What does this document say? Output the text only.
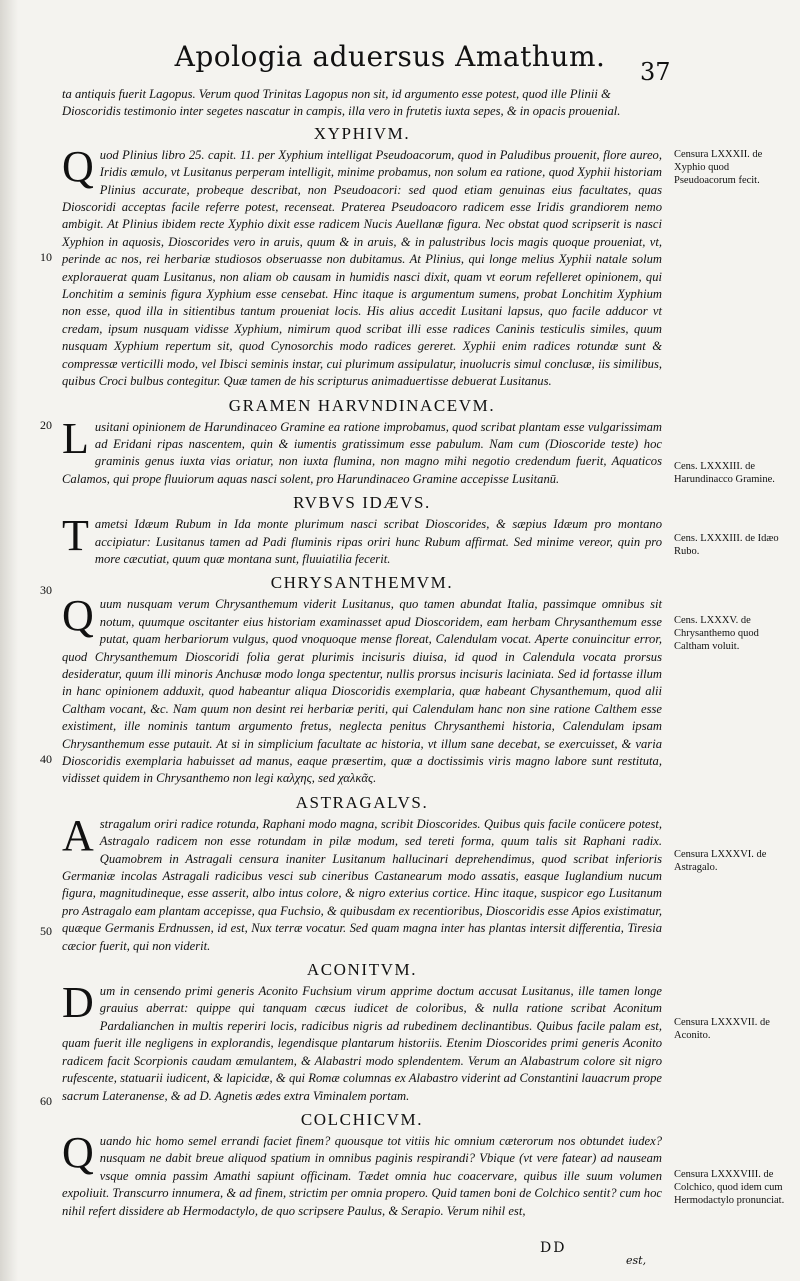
Apologia aduersus Amathum.	37

ta antiquis fuerit Lagopus. Verum quod Trinitas Lagopus non sit, id argumento esse potest, quod ille Plinii & Dioscoridis testimonio inter segetes nascatur in campis, illa vero in frutetis iuxta sepes, & in opacis prouenial.

XYPHIVM.

Quod Plinius libro 25. capit. 11. per Xyphium intelligat Pseudoacorum, quod in Paludibus prouenit, flore aureo, Iridis æmulo, vt Lusitanus perperam intelligit, minime probamus, non solum ea ratione, quod Xyphii historiam Plinius accurate, probeque describat, non Pseudoacori: sed quod etiam genuinas eius facultates, quas Dioscoridi acceptas facile referre potest, recenseat. Praterea Pseudoacoro radicem esse Iridis grandiorem nemo ambigit. At Plinius ibidem recte Xyphio dixit esse radicem Nucis Auellanæ figura. Nec obstat quod scripserit is nasci Xyphion in aquosis, Dioscorides vero in aruis, quum & in aruis, & in palustribus locis magis quoque proueniat, vt, perinde ac nos, rei herbariæ studiosos obseruasse non dubitamus. At Plinius, qui longe melius Xyphii natale solum explorauerat quam Lusitanus, non aliam ob causam in humidis nasci dixit, quam vt eorum refelleret opinionem, qui Lonchitim a seminis figura Xyphium esse censebat. Hinc itaque is argumentum sumens, probat Lonchitim Xyphium non esse, quod illa in sitientibus tantum proueniat locis. His alius accedit Lusitani lapsus, quo facile adducor vt credam, ipsum nusquam vidisse Xyphium, nimirum quod scribat illi esse radices Caninis testiculis similes, quum nusquam Xyphium repertum sit, quod Cynosorchis modo radices gereret. Xyphii enim radices rotundæ sunt & compressæ verticilli modo, vel Ibisci seminis instar, cui plurimum assipulatur, inuolucris simul conclusæ, iis similibus, quibus Croci bulbus contegitur. Quæ tamen de his scripturus animaduertisse debuerat Lusitanus.

GRAMEN HARVNDINACEVM.

Lusitani opinionem de Harundinaceo Gramine ea ratione improbamus, quod scribat plantam esse vulgarissimam ad Eridani ripas nascentem, quin & iumentis gratissimum esse pabulum. Nam cum (Dioscoride teste) hoc graminis genus iuxta vias oriatur, non iuxta flumina, non magno mihi negotio credendum fuerit, Aquaticos Calamos, qui prope fluuiorum aquas nasci solent, pro Harundinaceo Gramine accepisse Lusitanū.

RVBVS IDÆVS.

Tametsi Idæum Rubum in Ida monte plurimum nasci scribat Dioscorides, & sæpius Idæum pro montano accipiatur: Lusitanus tamen ad Padi fluminis ripas oriri hunc Rubum affirmat. Sed minime vereor, quin pro more cæcutiat, quum quæ montana sunt, fluuiatilia fecerit.

CHRYSANTHEMVM.

Quum nusquam verum Chrysanthemum viderit Lusitanus, quo tamen abundat Italia, passimque omnibus sit notum, quumque oscitanter eius historiam examinasset apud Dioscoridem, eam herbam Chrysanthemum esse putat, quam herbariorum vulgus, quod vnoquoque mense floreat, Calendulam vocat. Aperte conuincitur error, quod Chrysanthemum Dioscoridi folia gerat plurimis incisuris diuisa, id quod in Calendula vocata prorsus desideratur, quum illi minoris Anchusæ modo longa spectentur, nullis prorsus incisuris laciniata. Sed id fortasse illum in hanc opinionem adduxit, quod habeantur aliqua Dioscoridis exemplaria, quæ habeant Chysanthemum, quod alii Caltham vocant, &c. Nam quum non desint rei herbariæ periti, qui Calendulam hanc non sine ratione Calthem esse existiment, ille nominis tantum argumento fretus, neglecta penitus Chrysanthemi historia, Calendulam ipsam Chrysanthemum esse putauit. At si in simplicium facultate ac historia, vt illum sane decebat, se exercuisset, & varia Dioscoridis exemplaria habuisset ad manus, eaque præsertim, quæ a doctissimis viris magno labore sunt restituta, vidisset quidem in Chrysanthemo non legi καλχης, sed χαλκᾶς.

ASTRAGALVS.

Astragalum oriri radice rotunda, Raphani modo magna, scribit Dioscorides. Quibus quis facile conücere potest, Astragalo radicem non esse rotundam in pilæ modum, sed tereti forma, quum talis sit Raphani radix. Quamobrem in Astragali censura inaniter Lusitanum hallucinari deprehendimus, quod scribat inferioris Germaniæ incolas Astragali radicibus vesci sub cineribus Castanearum modo assatis, easque Iuglandium nucum figura, magnitudineque, esse asserit, albo intus colore, & nigro exterius cortice. Hinc itaque, suspicor ego Lusitanum pro Astragalo eam plantam accepisse, qua Fuchsio, & quibusdam ex recentioribus, Dioscoridis esse Apios existimatur, quæque Germanis Erdnussen, id est, Nux terræ vocatur. Sed quam magna inter has plantas intersit differentia, Tiresia cæcior fuerit, qui non viderit.

ACONITVM.

Dum in censendo primi generis Aconito Fuchsium virum apprime doctum accusat Lusitanus, ille tamen longe grauius aberrat: quippe qui tanquam cæcus iudicet de coloribus, & nulla ratione scribat Aconitum Pardalianchen in multis reperiri locis, radicibus nigris ad rubedinem declinantibus. Quibus facile palam est, quam fuerit ille negligens in explorandis, legendisque plantarum historiis. Etenim Dioscorides primi generis Aconito radicem facit Scorpionis caudam æmulantem, & Alabastri modo splendentem. Verum an Alabastrum colore sit nigro rufescente, statuarii iudicent, & lapicidæ, & qui Romæ columnas ex Alabastro viderint ad Constantini lauacrum prope sacrum Lateranense, & ad D. Agnetis ædes extra Viminalem portam.

COLCHICVM.

Quando hic homo semel errandi faciet finem? quousque tot vitiis hic omnium cæterorum nos obtundet iudex? nusquam ne dabit breue aliquod spatium in omnibus paginis respirandi? Vbique (vt vere fatear) ad nauseam vsque omnia passim Amathi sapiunt officinam. Tædet omnia huc coacervare, quibus ille suum volumen expoliuit. Transcurro innumera, & ad finem, strictim per omnia propero. Quid tamen boni de Colchico sentit? cum hoc nihil refert dissidere ab Hermodactylo, de quo scripsere Paulus, & Serapio. Verum nihil est,

Censura LXXXII. de Xyphio quod Pseudoacorum fecit.
Cens. LXXXIII. de Harundinacco Gramine.
Cens. LXXXIII. de Idæo Rubo.
Cens. LXXXV. de Chrysanthemo quod Caltham voluit.
Censura LXXXVI. de Astragalo.
Censura LXXXVII. de Aconito.
Censura LXXXVIII. de Colchico, quod idem cum Hermodactylo pronunciat.
10
20
30
40
50
60
DD
est,
